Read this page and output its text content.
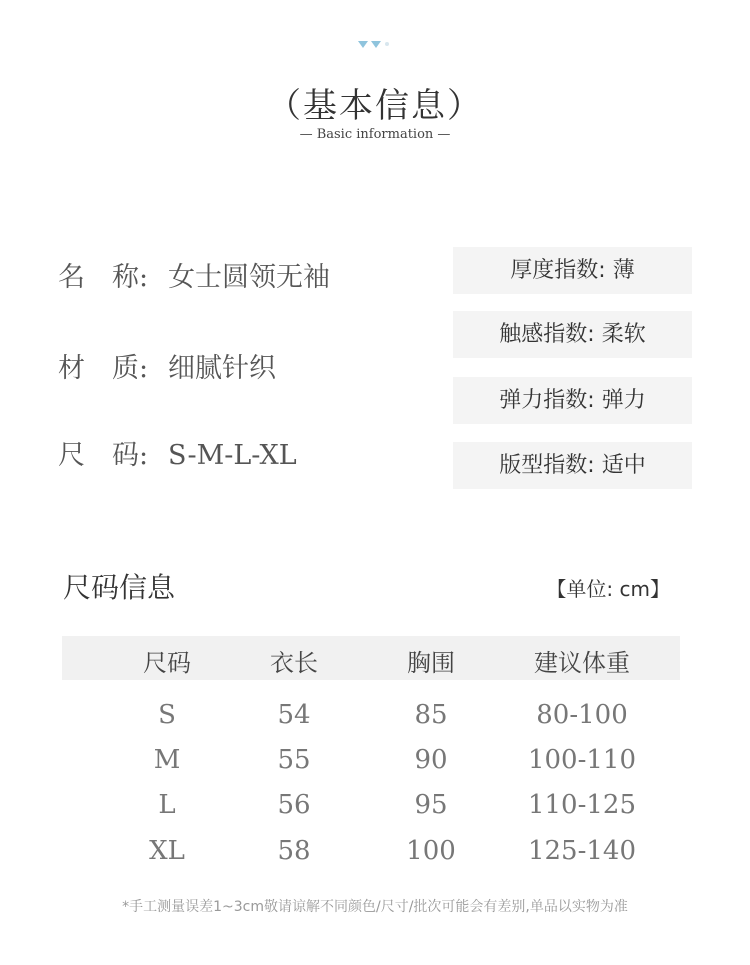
（基本信息）
— Basic information —
名　称: 女士圆领无袖
材　质: 细腻针织
尺　码: S-M-L-XL
厚度指数: 薄
触感指数: 柔软
弹力指数: 弹力
版型指数: 适中
尺码信息	【单位: cm】
尺码	衣长	胸围	建议体重
S	54	85	80-100
M	55	90	100-110
L	56	95	110-125
XL	58	100	125-140
*手工测量误差1~3cm敬请谅解不同颜色/尺寸/批次可能会有差别,单品以实物为准
